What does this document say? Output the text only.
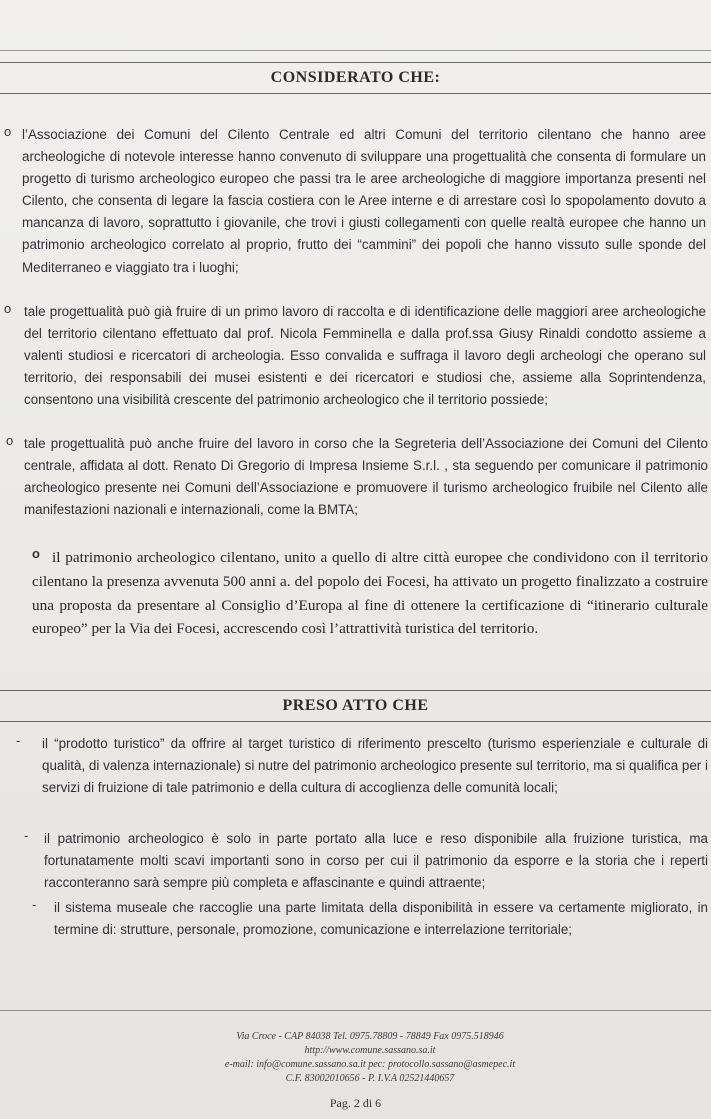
CONSIDERATO CHE:
o l’Associazione dei Comuni del Cilento Centrale ed altri Comuni del territorio cilentano che hanno aree archeologiche di notevole interesse hanno convenuto di sviluppare una progettualità che consenta di formulare un progetto di turismo archeologico europeo che passi tra le aree archeologiche di maggiore importanza presenti nel Cilento, che consenta di legare la fascia costiera con le Aree interne e di arrestare così lo spopolamento dovuto a mancanza di lavoro, soprattutto i giovanile, che trovi i giusti collegamenti con quelle realtà europee che hanno un patrimonio archeologico correlato al proprio, frutto dei “cammini” dei popoli che hanno vissuto sulle sponde del Mediterraneo e viaggiato tra i luoghi;

o tale progettualità può già fruire di un primo lavoro di raccolta e di identificazione delle maggiori aree archeologiche del territorio cilentano effettuato dal prof. Nicola Femminella e dalla prof.ssa Giusy Rinaldi condotto assieme a valenti studiosi e ricercatori di archeologia. Esso convalida e suffraga il lavoro degli archeologi che operano sul territorio, dei responsabili dei musei esistenti e dei ricercatori e studiosi che, assieme alla Soprintendenza, consentono una visibilità crescente del patrimonio archeologico che il territorio possiede;

o tale progettualità può anche fruire del lavoro in corso che la Segreteria dell’Associazione dei Comuni del Cilento centrale, affidata al dott. Renato Di Gregorio di Impresa Insieme S.r.l. , sta seguendo per comunicare il patrimonio archeologico presente nei Comuni dell’Associazione e promuovere il turismo archeologico fruibile nel Cilento alle manifestazioni nazionali e internazionali, come la BMTA;

o il patrimonio archeologico cilentano, unito a quello di altre città europee che condividono con il territorio cilentano la presenza avvenuta 500 anni a. del popolo dei Focesi, ha attivato un progetto finalizzato a costruire una proposta da presentare al Consiglio d’Europa al fine di ottenere la certificazione di “itinerario culturale europeo” per la Via dei Focesi, accrescendo così l’attrattività turistica del territorio.

PRESO ATTO CHE
- il “prodotto turistico” da offrire al target turistico di riferimento prescelto (turismo esperienziale e culturale di qualità, di valenza internazionale) si nutre del patrimonio archeologico presente sul territorio, ma si qualifica per i servizi di fruizione di tale patrimonio e della cultura di accoglienza delle comunità locali;

- il patrimonio archeologico è solo in parte portato alla luce e reso disponibile alla fruizione turistica, ma fortunatamente molti scavi importanti sono in corso per cui il patrimonio da esporre e la storia che i reperti racconteranno sarà sempre più completa e affascinante e quindi attraente;

- il sistema museale che raccoglie una parte limitata della disponibilità in essere va certamente migliorato, in termine di: strutture, personale, promozione, comunicazione e interrelazione territoriale;

Via Croce - CAP 84038 Tel. 0975.78809 - 78849 Fax 0975.518946
http://www.comune.sassano.sa.it
e-mail: info@comune.sassano.sa.it pec: protocollo.sassano@asmepec.it
C.F. 83002010656 - P. I.V.A 02521440657
Pag. 2 di 6
